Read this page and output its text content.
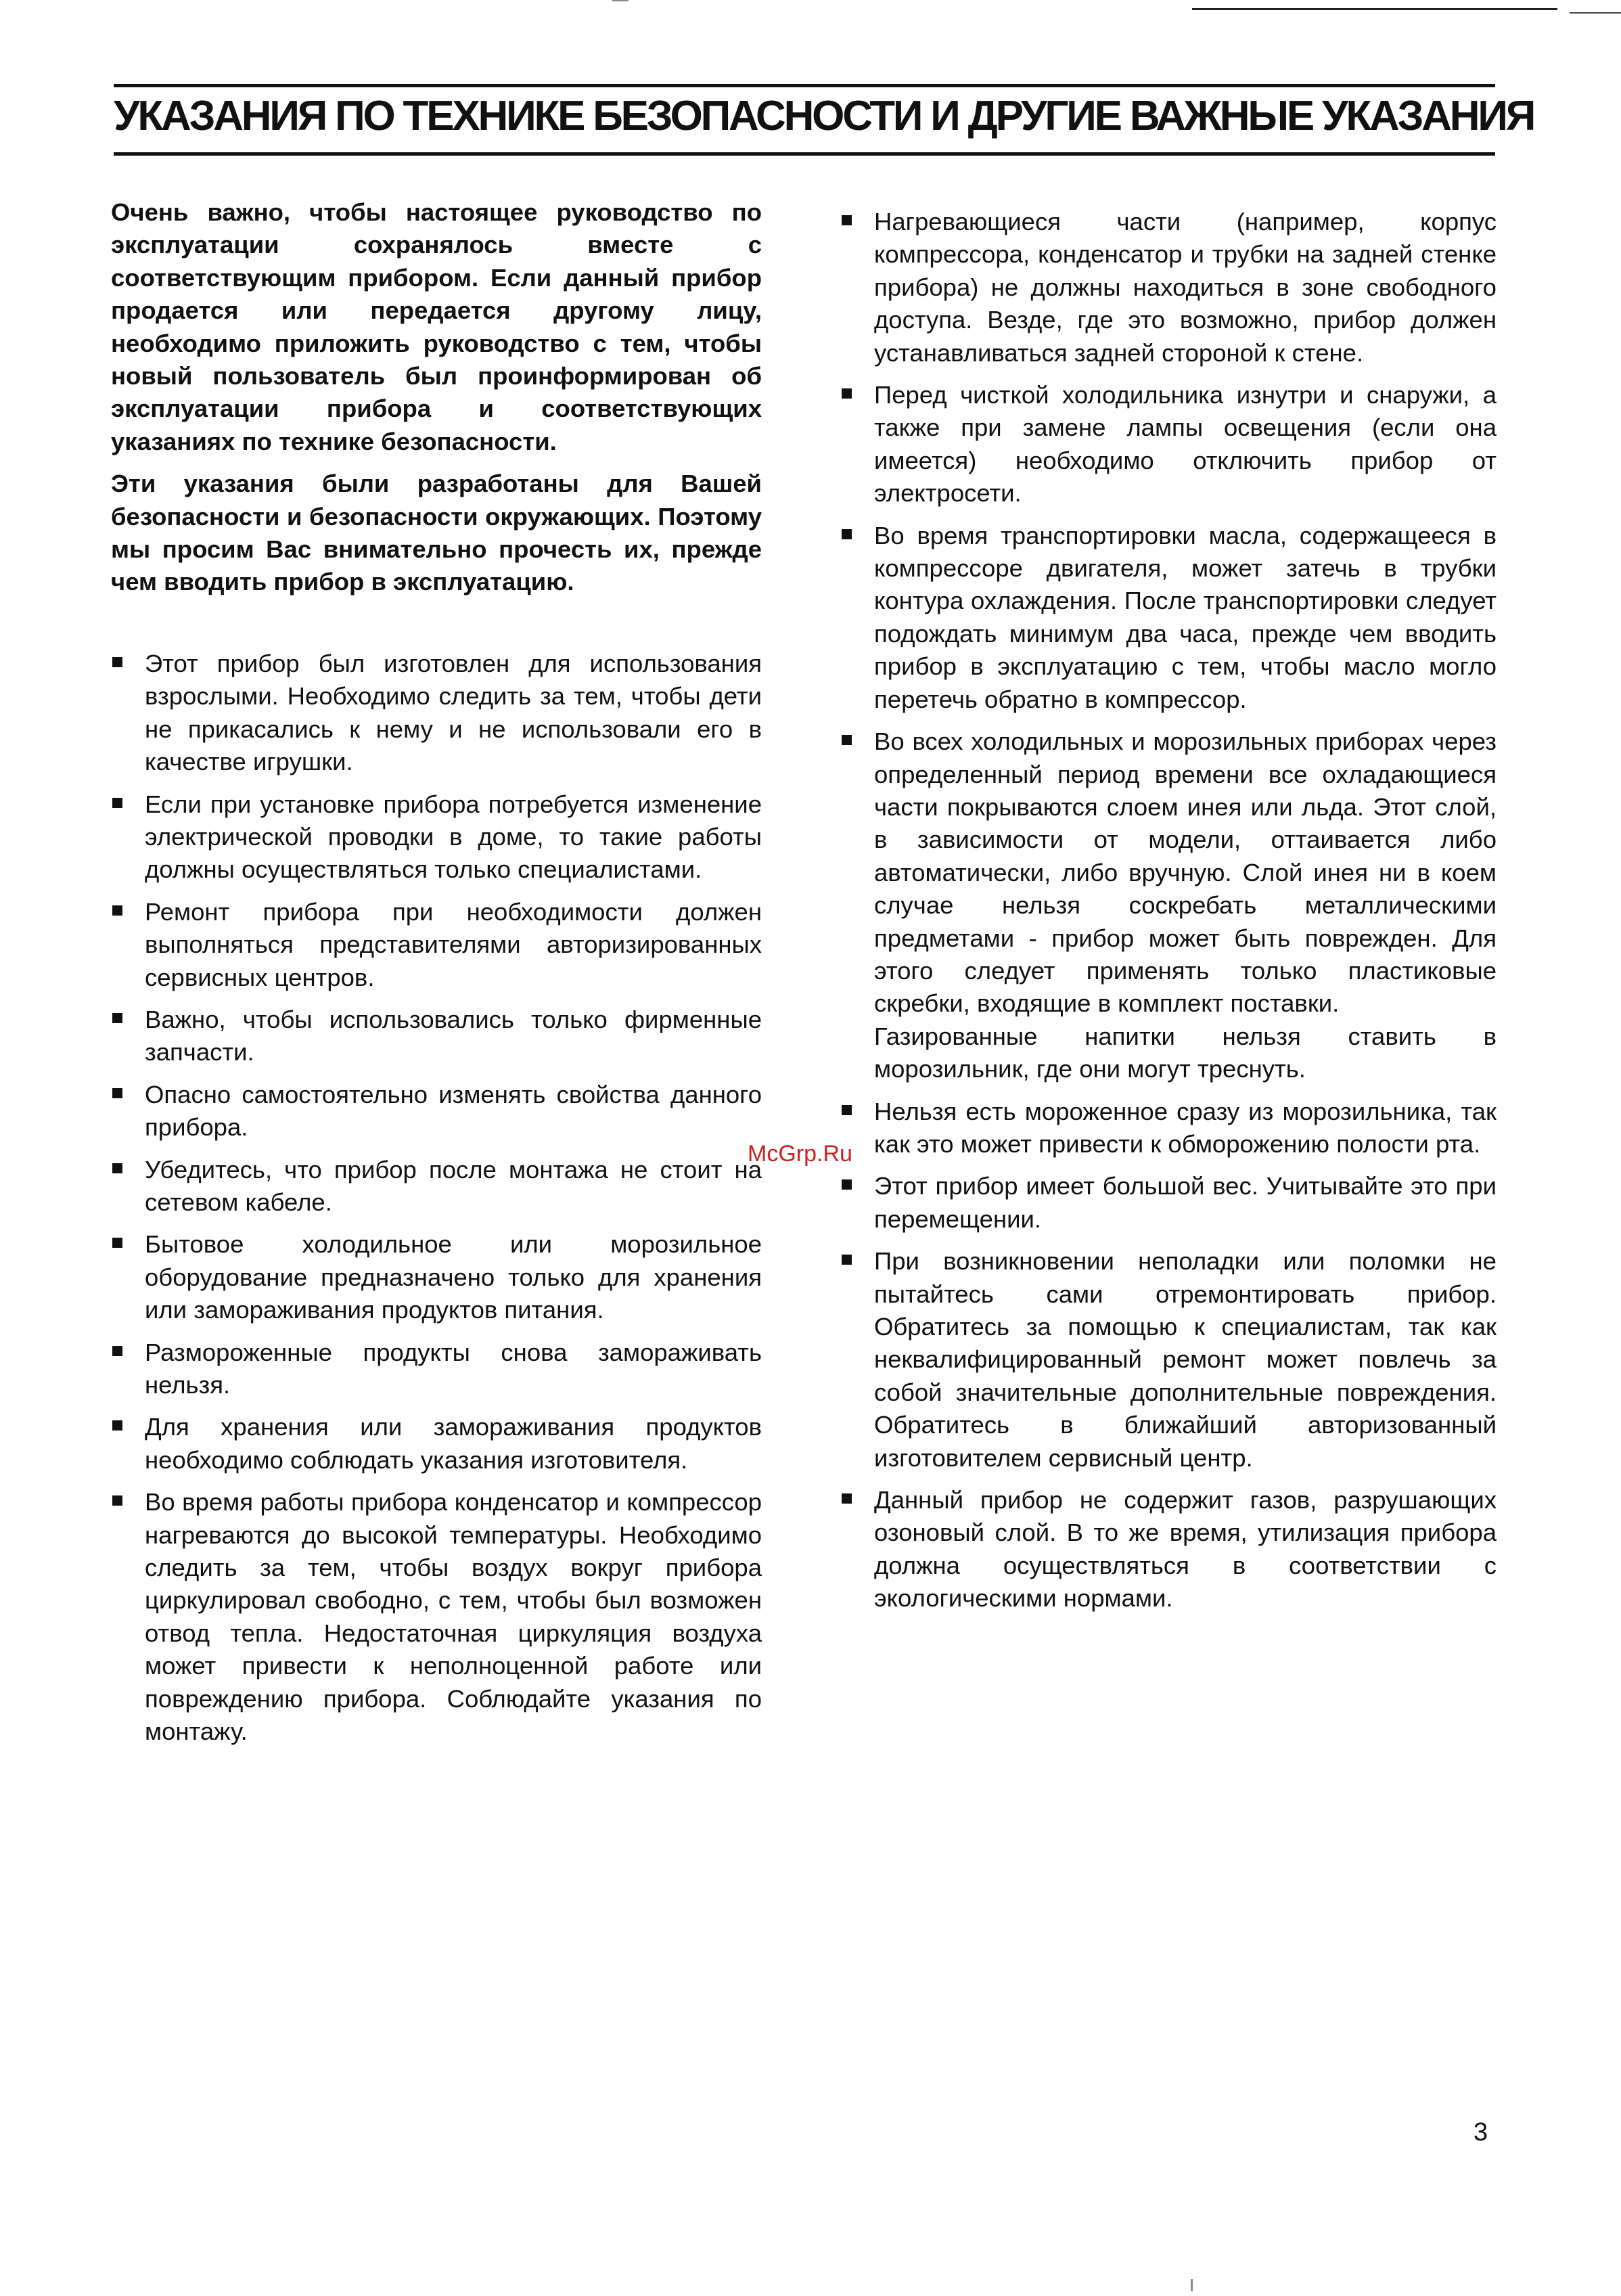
УКАЗАНИЯ ПО ТЕХНИКЕ БЕЗОПАСНОСТИ И ДРУГИЕ ВАЖНЫЕ УКАЗАНИЯ

Очень важно, чтобы настоящее руководство по эксплуатации сохранялось вместе с соответствующим прибором. Если данный прибор продается или передается другому лицу, необходимо приложить руководство с тем, чтобы новый пользователь был проинформирован об эксплуатации прибора и соответствующих указаниях по технике безопасности.

Эти указания были разработаны для Вашей безопасности и безопасности окружающих. Поэтому мы просим Вас внимательно прочесть их, прежде чем вводить прибор в эксплуатацию.

Этот прибор был изготовлен для использования взрослыми. Необходимо следить за тем, чтобы дети не прикасались к нему и не использовали его в качестве игрушки.
Если при установке прибора потребуется изменение электрической проводки в доме, то такие работы должны осуществляться только специалистами.
Ремонт прибора при необходимости должен выполняться представителями авторизированных сервисных центров.
Важно, чтобы использовались только фирменные запчасти.
Опасно самостоятельно изменять свойства данного прибора.
Убедитесь, что прибор после монтажа не стоит на сетевом кабеле.
Бытовое холодильное или морозильное оборудование предназначено только для хранения или замораживания продуктов питания.
Размороженные продукты снова замораживать нельзя.
Для хранения или замораживания продуктов необходимо соблюдать указания изготовителя.
Во время работы прибора конденсатор и компрессор нагреваются до высокой температуры. Необходимо следить за тем, чтобы воздух вокруг прибора циркулировал свободно, с тем, чтобы был возможен отвод тепла. Недостаточная циркуляция воздуха может привести к неполноценной работе или повреждению прибора. Соблюдайте указания по монтажу.
Нагревающиеся части (например, корпус компрессора, конденсатор и трубки на задней стенке прибора) не должны находиться в зоне свободного доступа. Везде, где это возможно, прибор должен устанавливаться задней стороной к стене.
Перед чисткой холодильника изнутри и снаружи, а также при замене лампы освещения (если она имеется) необходимо отключить прибор от электросети.
Во время транспортировки масла, содержащееся в компрессоре двигателя, может затечь в трубки контура охлаждения. После транспортировки следует подождать минимум два часа, прежде чем вводить прибор в эксплуатацию с тем, чтобы масло могло перетечь обратно в компрессор.
Во всех холодильных и морозильных приборах через определенный период времени все охладающиеся части покрываются слоем инея или льда. Этот слой, в зависимости от модели, оттаивается либо автоматически, либо вручную. Слой инея ни в коем случае нельзя соскребать металлическими предметами - прибор может быть поврежден. Для этого следует применять только пластиковые скребки, входящие в комплект поставки.
Газированные напитки нельзя ставить в морозильник, где они могут треснуть.
Нельзя есть мороженное сразу из морозильника, так как это может привести к обморожению полости рта.
Этот прибор имеет большой вес. Учитывайте это при перемещении.
При возникновении неполадки или поломки не пытайтесь сами отремонтировать прибор. Обратитесь за помощью к специалистам, так как неквалифицированный ремонт может повлечь за собой значительные дополнительные повреждения. Обратитесь в ближайший авторизованный изготовителем сервисный центр.
Данный прибор не содержит газов, разрушающих озоновый слой. В то же время, утилизация прибора должна осуществляться в соответствии с экологическими нормами.
McGrp.Ru
3
